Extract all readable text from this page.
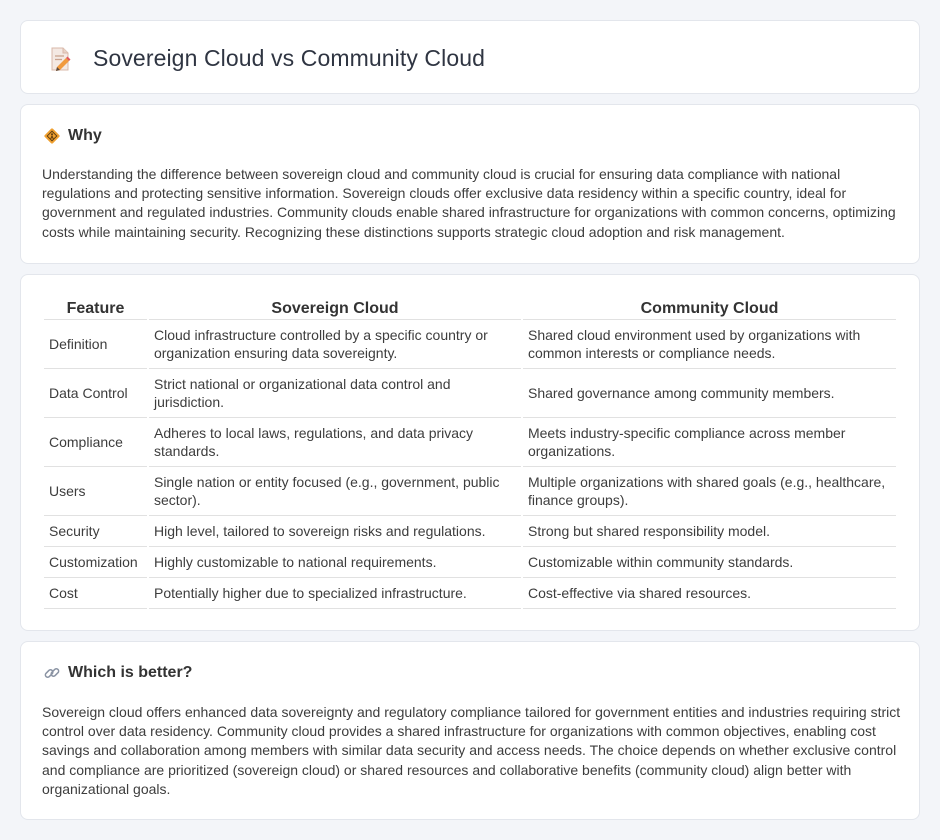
Sovereign Cloud vs Community Cloud
Why

Understanding the difference between sovereign cloud and community cloud is crucial for ensuring data compliance with national regulations and protecting sensitive information. Sovereign clouds offer exclusive data residency within a specific country, ideal for government and regulated industries. Community clouds enable shared infrastructure for organizations with common concerns, optimizing costs while maintaining security. Recognizing these distinctions supports strategic cloud adoption and risk management.

Feature	Sovereign Cloud	Community Cloud
Definition	Cloud infrastructure controlled by a specific country or organization ensuring data sovereignty.	Shared cloud environment used by organizations with common interests or compliance needs.
Data Control	Strict national or organizational data control and jurisdiction.	Shared governance among community members.
Compliance	Adheres to local laws, regulations, and data privacy standards.	Meets industry-specific compliance across member organizations.
Users	Single nation or entity focused (e.g., government, public sector).	Multiple organizations with shared goals (e.g., healthcare, finance groups).
Security	High level, tailored to sovereign risks and regulations.	Strong but shared responsibility model.
Customization	Highly customizable to national requirements.	Customizable within community standards.
Cost	Potentially higher due to specialized infrastructure.	Cost-effective via shared resources.
Which is better?

Sovereign cloud offers enhanced data sovereignty and regulatory compliance tailored for government entities and industries requiring strict control over data residency. Community cloud provides a shared infrastructure for organizations with common objectives, enabling cost savings and collaboration among members with similar data security and access needs. The choice depends on whether exclusive control and compliance are prioritized (sovereign cloud) or shared resources and collaborative benefits (community cloud) align better with organizational goals.
